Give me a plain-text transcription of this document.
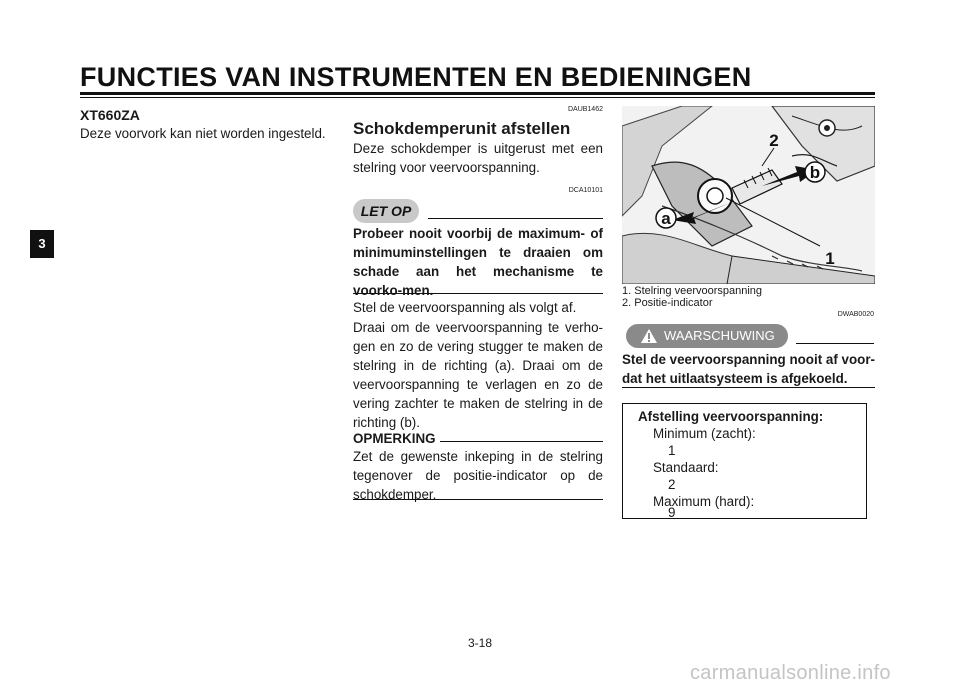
FUNCTIES VAN INSTRUMENTEN EN BEDIENINGEN
3
XT660ZA
Deze voorvork kan niet worden ingesteld.
DAUB1462
Schokdemperunit afstellen
Deze schokdemper is uitgerust met een stelring voor veervoorspanning.
DCA10101
LET OP
Probeer nooit voorbij de maximum- of minimuminstellingen te draaien om schade aan het mechanisme te voorko-men.
Stel de veervoorspanning als volgt af.
Draai om de veervoorspanning te verho-gen en zo de vering stugger te maken de stelring in de richting (a). Draai om de veervoorspanning te verlagen en zo de vering zachter te maken de stelring in de richting (b).
OPMERKING
Zet de gewenste inkeping in de stelring tegenover de positie-indicator op de schokdemper.
a
b
2
1
1. Stelring veervoorspanning
2. Positie-indicator
DWAB0020
WAARSCHUWING
Stel de veervoorspanning nooit af voor-dat het uitlaatsysteem is afgekoeld.
Afstelling veervoorspanning:
Minimum (zacht):
1
Standaard:
2
Maximum (hard):
9
3-18
carmanualsonline.info
